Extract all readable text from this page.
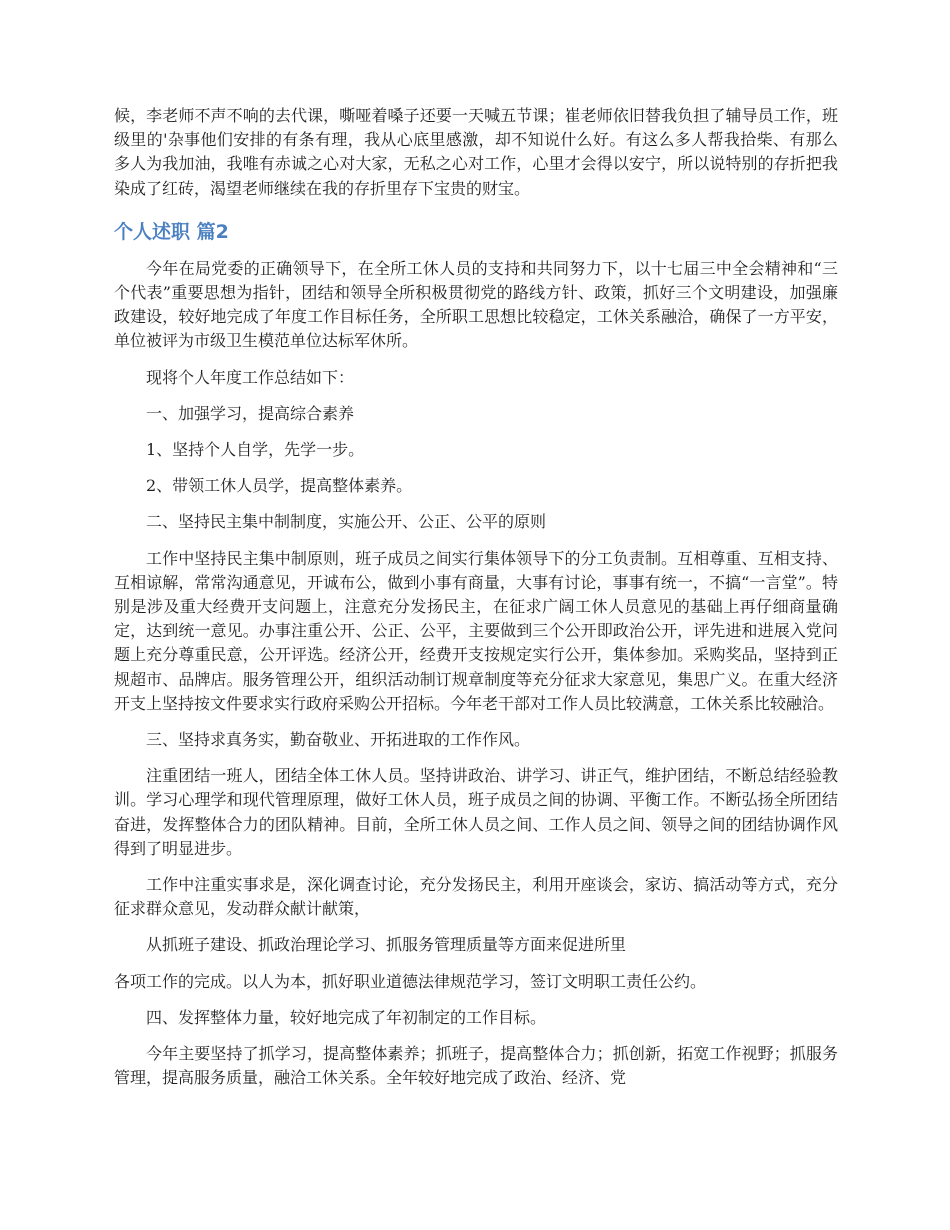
候，李老师不声不响的去代课，嘶哑着嗓子还要一天喊五节课；崔老师依旧替我负担了辅导员工作，班级里的'杂事他们安排的有条有理，我从心底里感激，却不知说什么好。有这么多人帮我拾柴、有那么多人为我加油，我唯有赤诚之心对大家，无私之心对工作，心里才会得以安宁，所以说特别的存折把我染成了红砖，渴望老师继续在我的存折里存下宝贵的财宝。

个人述职 篇2

今年在局党委的正确领导下，在全所工休人员的支持和共同努力下，以十七届三中全会精神和“三个代表”重要思想为指针，团结和领导全所积极贯彻党的路线方针、政策，抓好三个文明建设，加强廉政建设，较好地完成了年度工作目标任务，全所职工思想比较稳定，工休关系融洽，确保了一方平安，单位被评为市级卫生模范单位达标军休所。

现将个人年度工作总结如下：

一、加强学习，提高综合素养

1、坚持个人自学，先学一步。

2、带领工休人员学，提高整体素养。

二、坚持民主集中制制度，实施公开、公正、公平的原则

工作中坚持民主集中制原则，班子成员之间实行集体领导下的分工负责制。互相尊重、互相支持、互相谅解，常常沟通意见，开诚布公，做到小事有商量，大事有讨论，事事有统一，不搞“一言堂”。特别是涉及重大经费开支问题上，注意充分发扬民主，在征求广阔工休人员意见的基础上再仔细商量确定，达到统一意见。办事注重公开、公正、公平，主要做到三个公开即政治公开，评先进和进展入党问题上充分尊重民意，公开评选。经济公开，经费开支按规定实行公开，集体参加。采购奖品，坚持到正规超市、品牌店。服务管理公开，组织活动制订规章制度等充分征求大家意见，集思广义。在重大经济开支上坚持按文件要求实行政府采购公开招标。今年老干部对工作人员比较满意，工休关系比较融洽。

三、坚持求真务实，勤奋敬业、开拓进取的工作作风。

注重团结一班人，团结全体工休人员。坚持讲政治、讲学习、讲正气，维护团结，不断总结经验教训。学习心理学和现代管理原理，做好工休人员，班子成员之间的协调、平衡工作。不断弘扬全所团结奋进，发挥整体合力的团队精神。目前，全所工休人员之间、工作人员之间、领导之间的团结协调作风得到了明显进步。

工作中注重实事求是，深化调查讨论，充分发扬民主，利用开座谈会，家访、搞活动等方式，充分征求群众意见，发动群众献计献策，

从抓班子建设、抓政治理论学习、抓服务管理质量等方面来促进所里

各项工作的完成。以人为本，抓好职业道德法律规范学习，签订文明职工责任公约。

四、发挥整体力量，较好地完成了年初制定的工作目标。

今年主要坚持了抓学习，提高整体素养；抓班子，提高整体合力；抓创新，拓宽工作视野；抓服务管理，提高服务质量，融洽工休关系。全年较好地完成了政治、经济、党
